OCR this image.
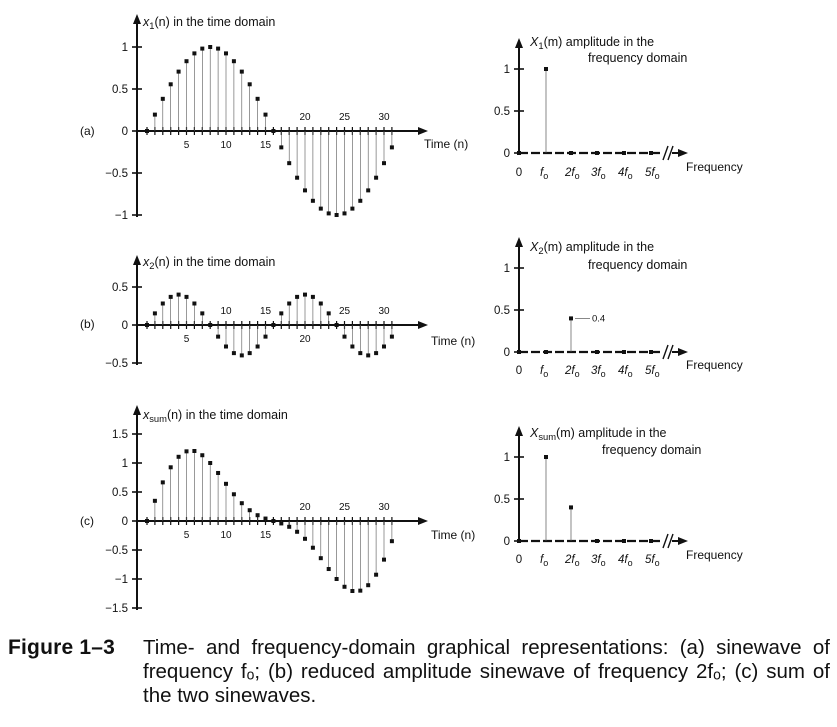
(a)
(b)
(c)
1
0.5
0
−0.5
−1
5	10	15
20	25	30
$x_1(n)$ in the time domain
Time (n)
0.5
0
−0.5
5	20
10	15	25	30
$x_2(n)$ in the time domain
Time (n)
1.5
1
0.5
0
−0.5
−1
−1.5
5	10	15
20	25	30
$x_{sum}(n)$ in the time domain
Time (n)
1
0.5
0
Frequency
0 $f_o$ $2f_o$ $3f_o$ $4f_o$ $5f_o$
$X_1(m)$ amplitude in the
frequency domain
1
0.5
0
Frequency
0 $f_o$ $2f_o$ $3f_o$ $4f_o$ $5f_o$
0.4
$X_2(m)$ amplitude in the
frequency domain
1
0.5
0
Frequency
0 $f_o$ $2f_o$ $3f_o$ $4f_o$ $5f_o$
$X_{sum}(m)$ amplitude in the
frequency domain
Figure 1–3 Time- and frequency-domain graphical representations: (a) sinewave of frequency fₒ; (b) reduced amplitude sinewave of frequency 2fₒ; (c) sum of the two sinewaves.
